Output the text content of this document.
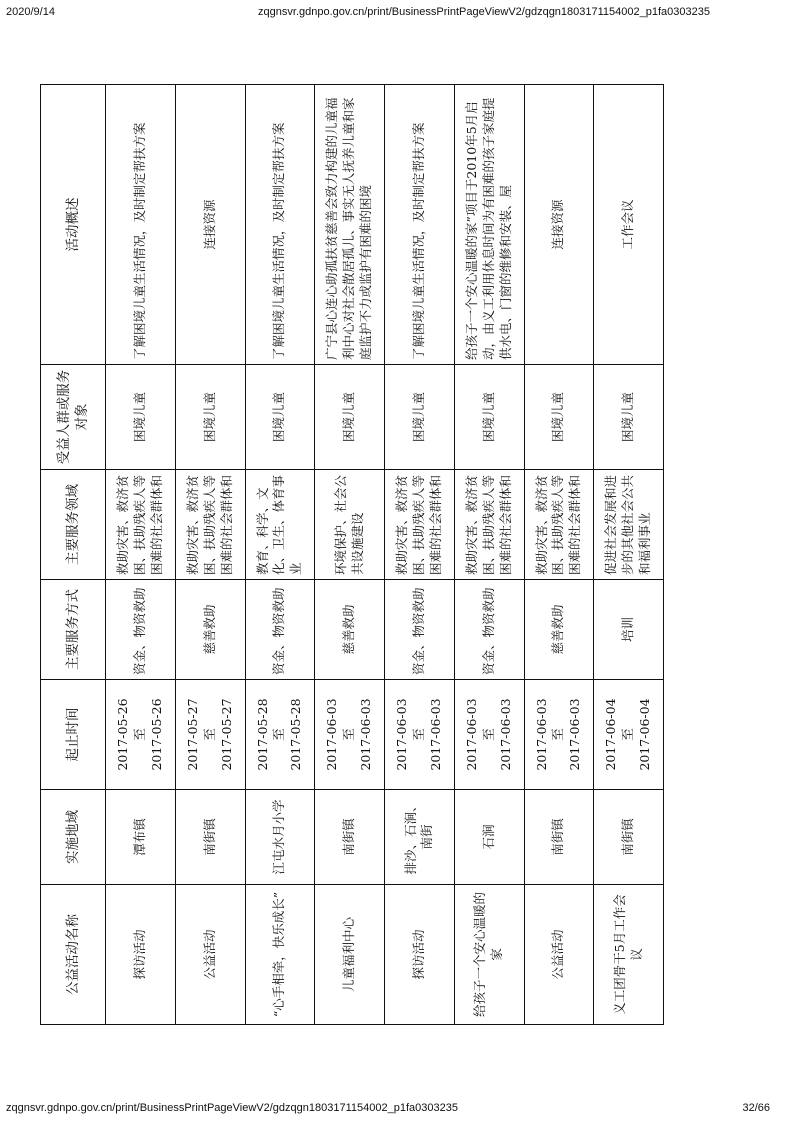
2020/9/14	zqgnsvr.gdnpo.gov.cn/print/BusinessPrintPageViewV2/gdzqgn1803171154002_p1fa0303235
公益活动名称	实施地域	起止时间	主要服务方式	主要服务领域	受益人群或服务对象	活动概述
探访活动	潭布镇	2017-05-26 至 2017-05-26	资金、物资救助	救助灾害、救济贫困、扶助残疾人等困难的社会群体和	困境儿童	了解困境儿童生活情况，及时制定帮扶方案
公益活动	南街镇	2017-05-27 至 2017-05-27	慈善救助	救助灾害、救济贫困、扶助残疾人等困难的社会群体和	困境儿童	连接资源
“心手相牵，快乐成长”	江屯水月小学	2017-05-28 至 2017-05-28	资金、物资救助	教育、科学、文化、卫生、体育事业	困境儿童	了解困境儿童生活情况，及时制定帮扶方案
儿童福利中心	南街镇	2017-06-03 至 2017-06-03	慈善救助	环境保护、社会公共设施建设	困境儿童	广宁县心连心助孤扶贫慈善会致力构建的儿童福利中心对社会散居孤儿、事实无人抚养儿童和家庭监护不力或监护有困难的困境
探访活动	排沙、石涧、南街	2017-06-03 至 2017-06-03	资金、物资救助	救助灾害、救济贫困、扶助残疾人等困难的社会群体和	困境儿童	了解困境儿童生活情况，及时制定帮扶方案
给孩子一个安心温暖的家	石涧	2017-06-03 至 2017-06-03	资金、物资救助	救助灾害、救济贫困、扶助残疾人等困难的社会群体和	困境儿童	给孩子一个安心温暖的家”项目于2010年5月启动，由义工利用休息时间为有困难的孩子家庭提供水电、门窗的维修和安装、屋
公益活动	南街镇	2017-06-03 至 2017-06-03	慈善救助	救助灾害、救济贫困、扶助残疾人等困难的社会群体和	困境儿童	连接资源
义工团骨干5月工作会议	南街镇	2017-06-04 至 2017-06-04	培训	促进社会发展和进步的其他社会公共和福利事业	困境儿童	工作会议
zqgnsvr.gdnpo.gov.cn/print/BusinessPrintPageViewV2/gdzqgn1803171154002_p1fa0303235	32/66
